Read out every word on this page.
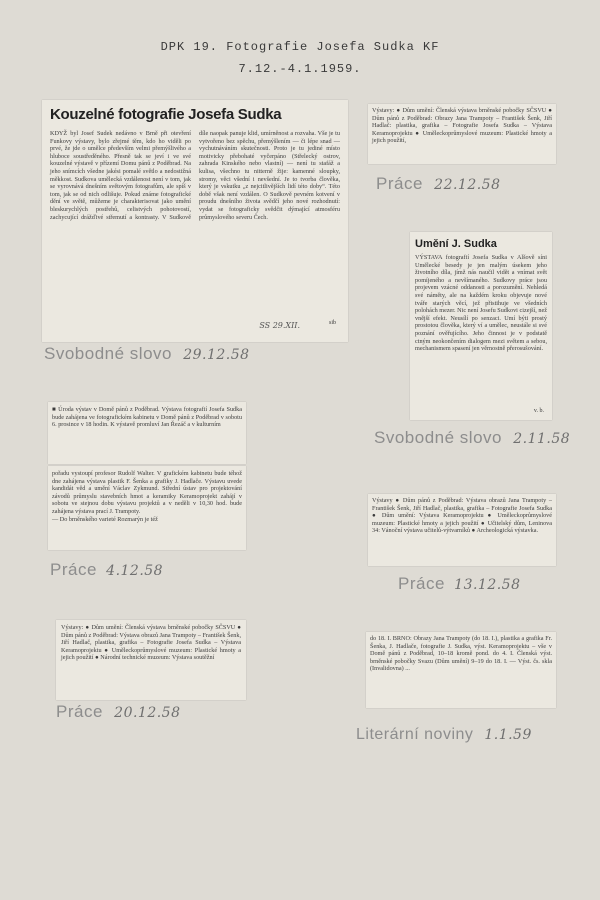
DPK 19. Fotografie Josefa Sudka KF
7.12.-4.1.1959.
Kouzelné fotografie Josefa Sudka

KDYŽ byl Josef Sudek nedávno v Brně při otevření Funkovy výstavy, bylo zřejmé těm, kdo ho viděli po prvé, že jde o umělce především velmi přemýšlivého a hluboce soustředěného. Přesně tak se jeví i ve své kouzelné výstavě v přízemí Domu pánů z Poděbrad. Na jeho snímcích všedne jakési pomalé světlo a nedostižná měkkost. Sudkova umělecká vzdálenost není v tom, jak se vyrovnává dnešním světovým fotografům, ale spíš v tom, jak se od nich odlišuje. Pokud známe fotografické dění ve světě, můžeme je charakterisovat jako umění bleskurychlých postřehů, celistvých pohotovostí, zachycující drážďivé střemutí a kontrasty. V Sudkově díle naopak panuje klid, umírněnost a rozvaha. Vše je tu vytvořeno bez spěchu, přemýšlením — či lépe snad — vychutnáváním skutečnosti. Proto je tu jediné místo motivicky přebohaté vyčerpáno (Střelecký ostrov, zahrada Kinského nebo vlastní) — není tu stafáž a kulisa, všechno tu nitterně žije: kamenné sloupky, stromy, věci všední i nevšední. Je to tvorba člověka, který je vskutku „z nejcitlivějších lidí této doby“. Této době však není vzdálen. O Sudkově pevném kotvení v proudu dnešního života svědčí jeho nové rozhodnutí: vydat se fotograficky svědčit dýmající atmosféru průmyslového severu Čech.

sib
SS 29.XII.
Svobodné slovo 29.12.58

Výstavy: ● Dům umění: Členská výstava brněnské pobočky SČSVU ● Dům pánů z Poděbrad: Obrazy Jana Trampoty – František Šenk, Jiří Hadlač: plastika, grafika – Fotografie Josefa Sudka – Výstava Keramoprojektu ● Uměleckoprůmyslové muzeum: Plastické hmoty a jejich použití,

Práce 22.12.58
Umění J. Sudka

VÝSTAVA fotografií Josefa Sudka v Alšově síni Umělecké besedy je jen malým úsekem jeho životního díla, jímž nás naučil vidět a vnímat svět pomíjeného a nevšímaného. Sudkovy práce jsou projevem vzácné oddanosti a porozumění. Nehledá své náměty, ale na každém kroku objevuje nové tváře starých věcí, jež přistihuje ve všedních polohách mezer. Nic není Josefu Sudkovi cizejší, než vnější efekt. Neusílí po senzaci. Umí býti prostý prostotou člověka, který ví a umělec, neustále si své poznání ověřujícího. Jeho činnost je v podstatě ctným neokončením dialogem mezi světem a sebou, mechanismem spasení jen věrnostně přerosušování.

v. b.
Svobodné slovo 2.11.58

■ Úroda výstav v Domě pánů z Poděbrad. Výstava fotografií Josefa Sudka bude zahájena ve fotografickém kabinetu v Domě pánů z Poděbrad v sobotu 6. prosince v 18 hodin. K výstavě promluví Jan Řezáč a v kulturním

pořadu vystoupí profesor Rudolf Walter. V grafickém kabinetu bude téhož dne zahájena výstava plastik F. Šenka a grafiky J. Hadlače. Výstavu uvede kandidát věd a umění Václav Zykmund. Střední ústav pro projektování závodů průmyslu stavebních hmot a keramiky Keramoprojekt zahájí v sobotu ve stejnou dobu výstavu projektů a v neděli v 10,30 hod. bude zahájena výstava prací J. Trampoty.

— Do brněnského varieté Rozmarýn je též

Práce 4.12.58

Výstavy ● Dům pánů z Poděbrad: Výstava obrazů Jana Trampoty – František Šenk, Jiří Hadlač, plastika, grafika – Fotografie Josefa Sudka ● Dům umění: Výstava Keramoprojektu ● Uměleckoprůmyslové muzeum: Plastické hmoty a jejich použití ● Učitelský dům, Leninova 34: Vánoční výstava učitelů-výtvarníků ● Archeologická výstavka.

Práce 13.12.58

Výstavy: ● Dům umění: Členská výstava brněnské pobočky SČSVU ● Dům pánů z Poděbrad: Výstava obrazů Jana Trampoty – František Šenk, Jiří Hadlač, plastika, grafika – Fotografie Josefa Sudka – Výstava Keramoprojektu ● Uměleckoprůmyslové muzeum: Plastické hmoty a jejich použití ● Národní technické muzeum: Výstava soutěžní

Práce 20.12.58

do 18. I. BRNO: Obrazy Jana Trampoty (do 18. I.), plastika a grafika Fr. Šenka, J. Hadlače, fotografie J. Sudka, výst. Keramoprojektu – vše v Domě pánů z Poděbrad, 10–18 kromě pond. do 4. I. Členská výst. brněnské pobočky Svazu (Dům umění) 9–19 do 18. I. — Výst. čs. skla (Invalidovna) ...

Literární noviny 1.1.59
